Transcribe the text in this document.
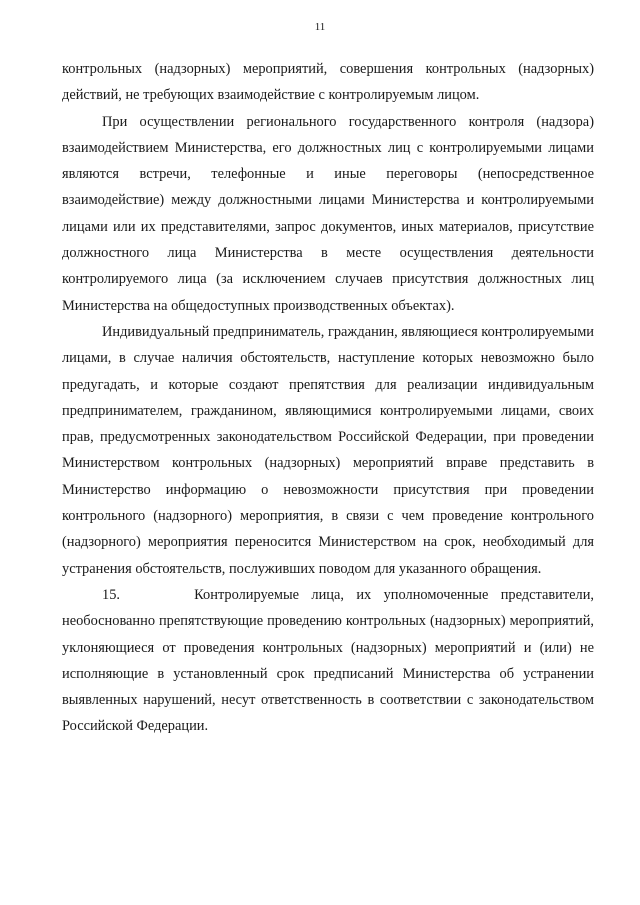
11

контрольных (надзорных) мероприятий, совершения контрольных (надзорных) действий, не требующих взаимодействие с контролируемым лицом.

При осуществлении регионального государственного контроля (надзора) взаимодействием Министерства, его должностных лиц с контролируемыми лицами являются встречи, телефонные и иные переговоры (непосредственное взаимодействие) между должностными лицами Министерства и контролируемыми лицами или их представителями, запрос документов, иных материалов, присутствие должностного лица Министерства в месте осуществления деятельности контролируемого лица (за исключением случаев присутствия должностных лиц Министерства на общедоступных производственных объектах).

Индивидуальный предприниматель, гражданин, являющиеся контролируемыми лицами, в случае наличия обстоятельств, наступление которых невозможно было предугадать, и которые создают препятствия для реализации индивидуальным предпринимателем, гражданином, являющимися контролируемыми лицами, своих прав, предусмотренных законодательством Российской Федерации, при проведении Министерством контрольных (надзорных) мероприятий вправе представить в Министерство информацию о невозможности присутствия при проведении контрольного (надзорного) мероприятия, в связи с чем проведение контрольного (надзорного) мероприятия переносится Министерством на срок, необходимый для устранения обстоятельств, послуживших поводом для указанного обращения.

15.      Контролируемые лица, их уполномоченные представители, необоснованно препятствующие проведению контрольных (надзорных) мероприятий, уклоняющиеся от проведения контрольных (надзорных) мероприятий и (или) не исполняющие в установленный срок предписаний Министерства об устранении выявленных нарушений, несут ответственность в соответствии с законодательством Российской Федерации.
